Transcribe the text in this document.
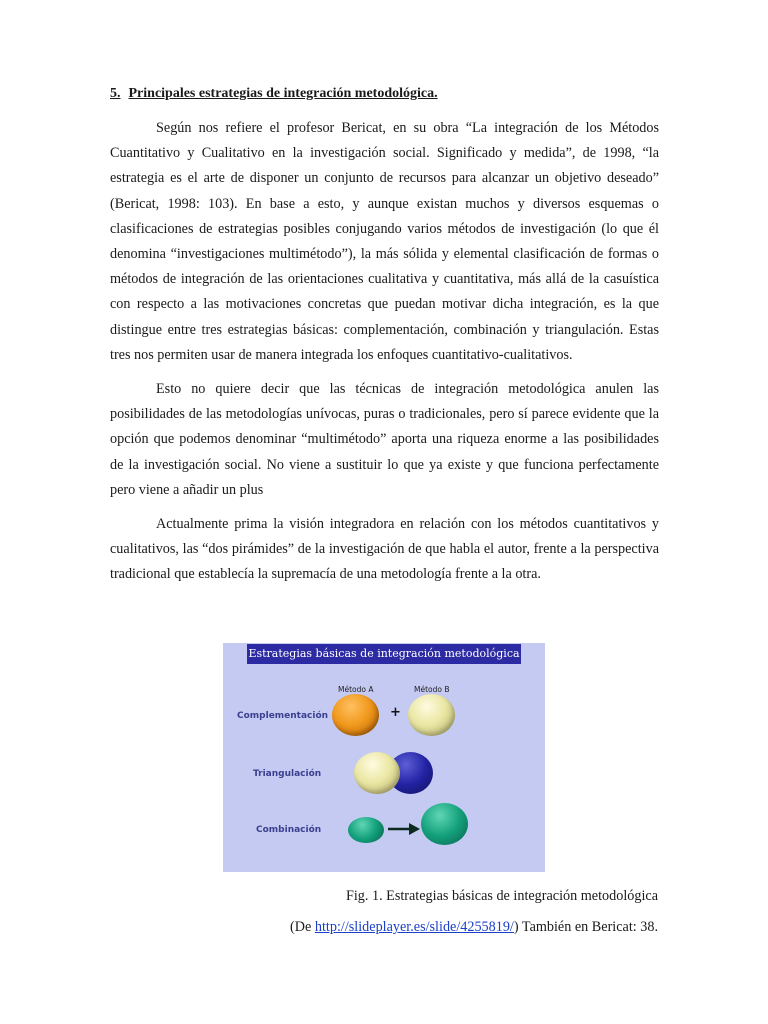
5. Principales estrategias de integración metodológica.

Según nos refiere el profesor Bericat, en su obra “La integración de los Métodos Cuantitativo y Cualitativo en la investigación social. Significado y medida”, de 1998, “la estrategia es el arte de disponer un conjunto de recursos para alcanzar un objetivo deseado” (Bericat, 1998: 103). En base a esto, y aunque existan muchos y diversos esquemas o clasificaciones de estrategias posibles conjugando varios métodos de investigación (lo que él denomina “investigaciones multimétodo”), la más sólida y elemental clasificación de formas o métodos de integración de las orientaciones cualitativa y cuantitativa, más allá de la casuística con respecto a las motivaciones concretas que puedan motivar dicha integración, es la que distingue entre tres estrategias básicas: complementación, combinación y triangulación. Estas tres nos permiten usar de manera integrada los enfoques cuantitativo-cualitativos.

Esto no quiere decir que las técnicas de integración metodológica anulen las posibilidades de las metodologías unívocas, puras o tradicionales, pero sí parece evidente que la opción que podemos denominar “multimétodo” aporta una riqueza enorme a las posibilidades de la investigación social. No viene a sustituir lo que ya existe y que funciona perfectamente pero viene a añadir un plus

Actualmente prima la visión integradora en relación con los métodos cuantitativos y cualitativos, las “dos pirámides” de la investigación de que habla el autor, frente a la perspectiva tradicional que establecía la supremacía de una metodología frente a la otra.

Estrategias básicas de integración metodológica
Método A	Método B
Complementación	+
Triangulación
Combinación
Fig. 1. Estrategias básicas de integración metodológica
(De http://slideplayer.es/slide/4255819/) También en Bericat: 38.
